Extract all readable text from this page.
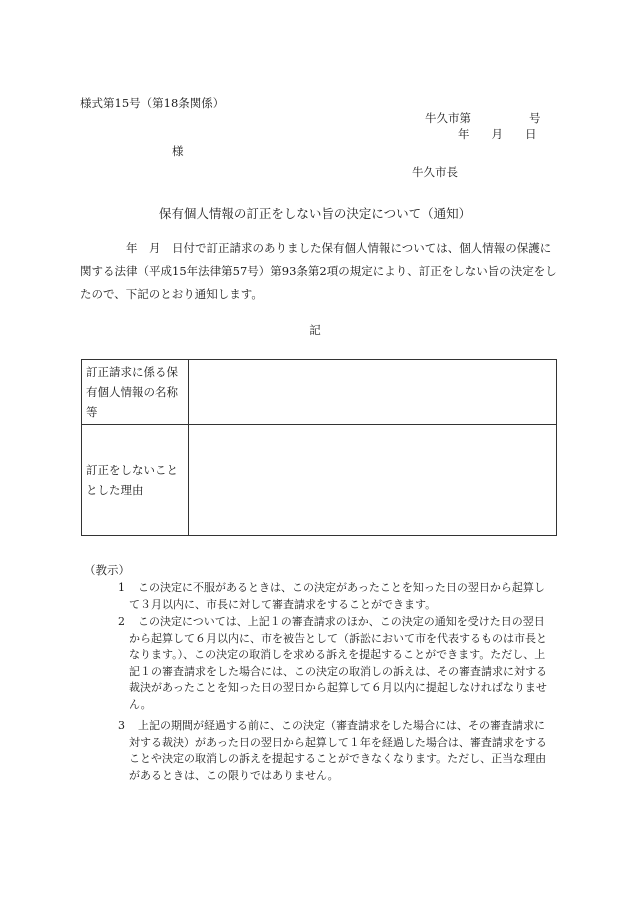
様式第15号（第18条関係）
牛久市第	号
年 月 日
様
牛久市長
保有個人情報の訂正をしない旨の決定について（通知）
年　月　日付で訂正請求のありました保有個人情報については、個人情報の保護に関する法律（平成15年法律第57号）第93条第2項の規定により、訂正をしない旨の決定をしたので、下記のとおり通知します。
記
訂正請求に係る保有個人情報の名称等	
訂正をしないこととした理由	
（教示）
1	この決定に不服があるときは、この決定があったことを知った日の翌日から起算して３月以内に、市長に対して審査請求をすることができます。
2	この決定については、上記１の審査請求のほか、この決定の通知を受けた日の翌日から起算して６月以内に、市を被告として（訴訟において市を代表するものは市長となります。）、この決定の取消しを求める訴えを提起することができます。ただし、上記１の審査請求をした場合には、この決定の取消しの訴えは、その審査請求に対する裁決があったことを知った日の翌日から起算して６月以内に提起しなければなりません。
3	上記の期間が経過する前に、この決定（審査請求をした場合には、その審査請求に対する裁決）があった日の翌日から起算して１年を経過した場合は、審査請求をすることや決定の取消しの訴えを提起することができなくなります。ただし、正当な理由があるときは、この限りではありません。
